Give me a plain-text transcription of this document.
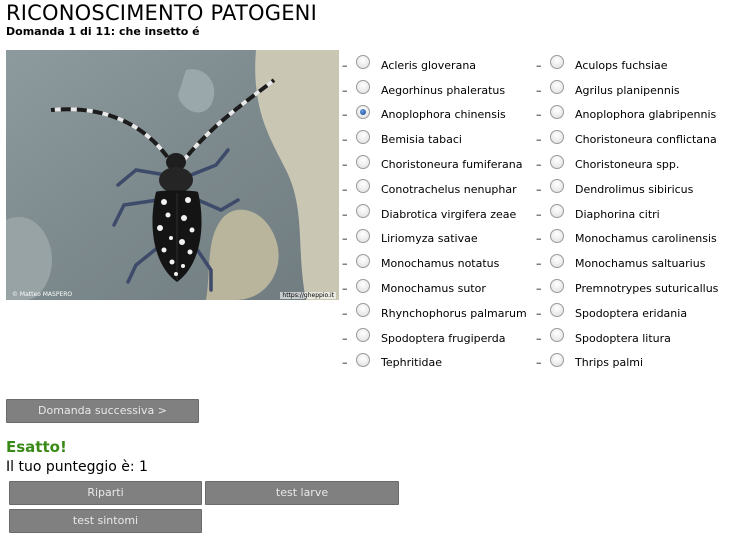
RICONOSCIMENTO PATOGENI
Domanda 1 di 11: che insetto é
© Matteo MASPERO	https://gheppio.it
–	Acleris gloverana
–	Aegorhinus phaleratus
–	Anoplophora chinensis
–	Bemisia tabaci
–	Choristoneura fumiferana
–	Conotrachelus nenuphar
–	Diabrotica virgifera zeae
–	Liriomyza sativae
–	Monochamus notatus
–	Monochamus sutor
–	Rhynchophorus palmarum
–	Spodoptera frugiperda
–	Tephritidae
–	Aculops fuchsiae
–	Agrilus planipennis
–	Anoplophora glabripennis
–	Choristoneura conflictana
–	Choristoneura spp.
–	Dendrolimus sibiricus
–	Diaphorina citri
–	Monochamus carolinensis
–	Monochamus saltuarius
–	Premnotrypes suturicallus
–	Spodoptera eridania
–	Spodoptera litura
–	Thrips palmi
Domanda successiva >
Esatto!
Il tuo punteggio è: 1
Riparti	test larve
test sintomi
